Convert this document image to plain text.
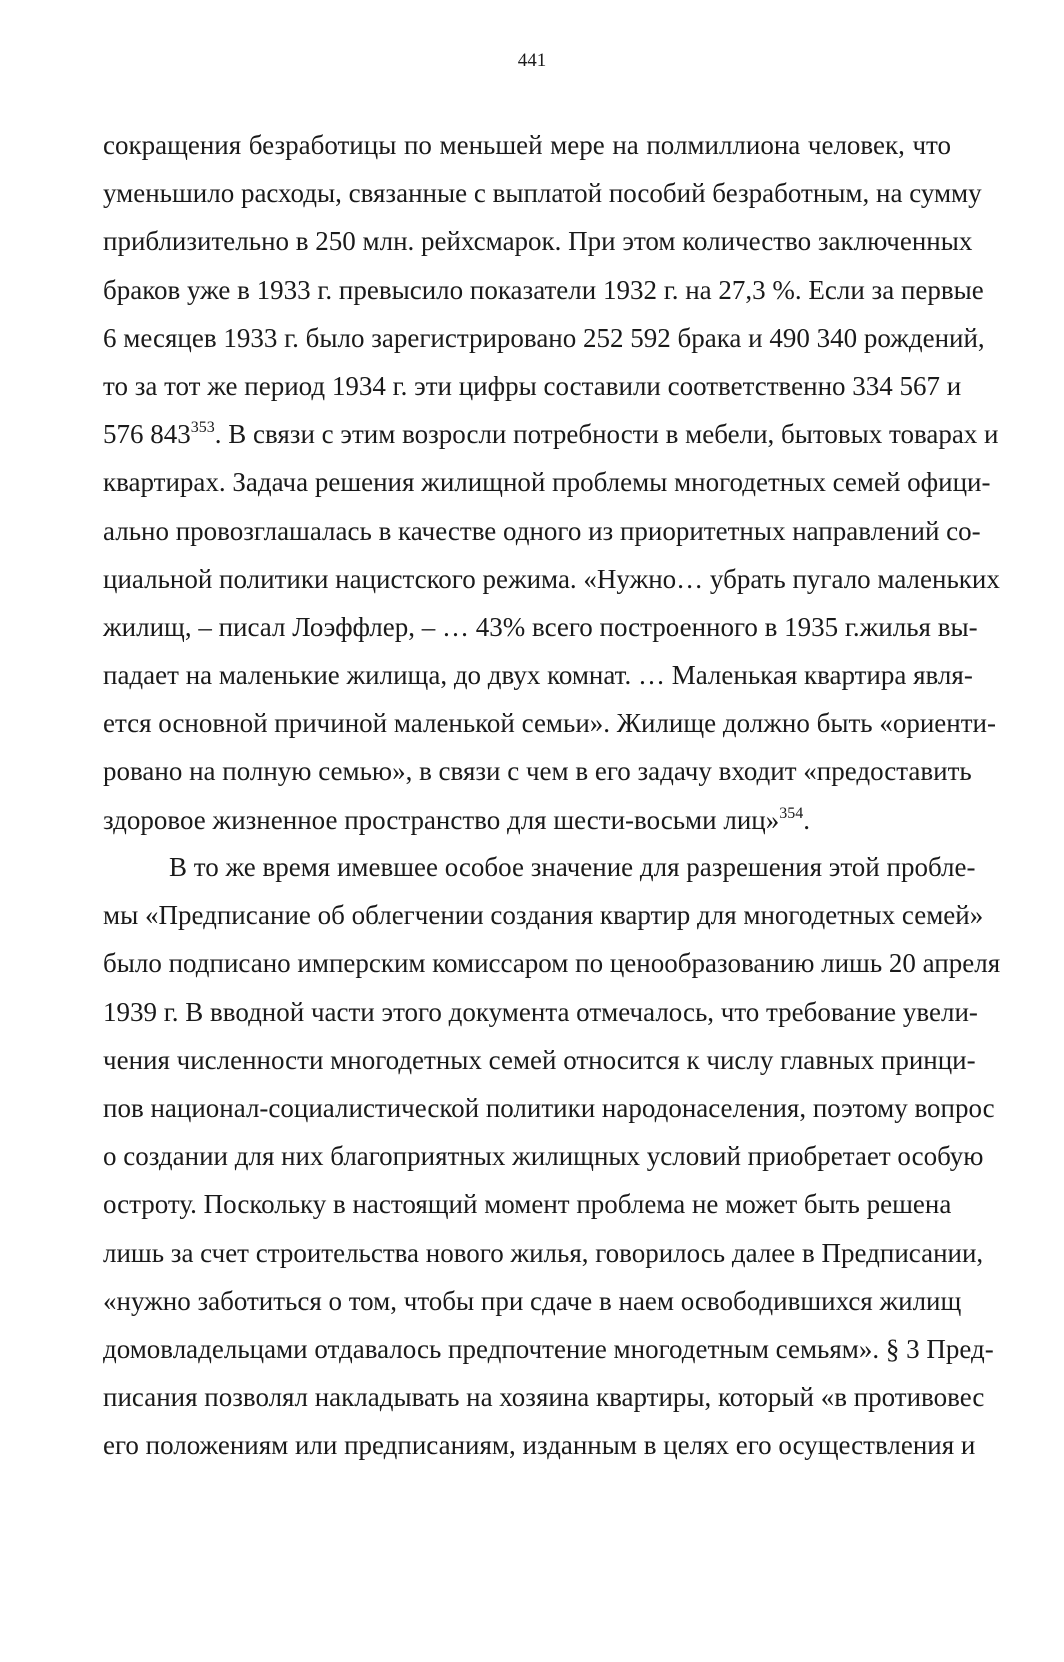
441
сокращения безработицы по меньшей мере на полмиллиона человек, что
уменьшило расходы, связанные с выплатой пособий безработным, на сумму
приблизительно в 250 млн. рейхсмарок. При этом количество заключенных
браков уже в 1933 г. превысило показатели 1932 г. на 27,3 %. Если за первые
6 месяцев 1933 г. было зарегистрировано 252 592 брака и 490 340 рождений,
то за тот же период 1934 г. эти цифры составили соответственно 334 567 и
576 $843^{353}$. В связи с этим возросли потребности в мебели, бытовых товарах и
квартирах. Задача решения жилищной проблемы многодетных семей офици-
ально провозглашалась в качестве одного из приоритетных направлений со-
циальной политики нацистского режима. «Нужно… убрать пугало маленьких
жилищ, – писал Лоэффлер, – … 43% всего построенного в 1935 г.жилья вы-
падает на маленькие жилища, до двух комнат. … Маленькая квартира явля-
ется основной причиной маленькой семьи». Жилище должно быть «ориенти-
ровано на полную семью», в связи с чем в его задачу входит «предоставить
здоровое жизненное пространство для шести-восьми лиц»$^{354}$.
В то же время имевшее особое значение для разрешения этой пробле-
мы «Предписание об облегчении создания квартир для многодетных семей»
было подписано имперским комиссаром по ценообразованию лишь 20 апреля
1939 г. В вводной части этого документа отмечалось, что требование увели-
чения численности многодетных семей относится к числу главных принци-
пов национал-социалистической политики народонаселения, поэтому вопрос
о создании для них благоприятных жилищных условий приобретает особую
остроту. Поскольку в настоящий момент проблема не может быть решена
лишь за счет строительства нового жилья, говорилось далее в Предписании,
«нужно заботиться о том, чтобы при сдаче в наем освободившихся жилищ
домовладельцами отдавалось предпочтение многодетным семьям». § 3 Пред-
писания позволял накладывать на хозяина квартиры, который «в противовес
его положениям или предписаниям, изданным в целях его осуществления и
